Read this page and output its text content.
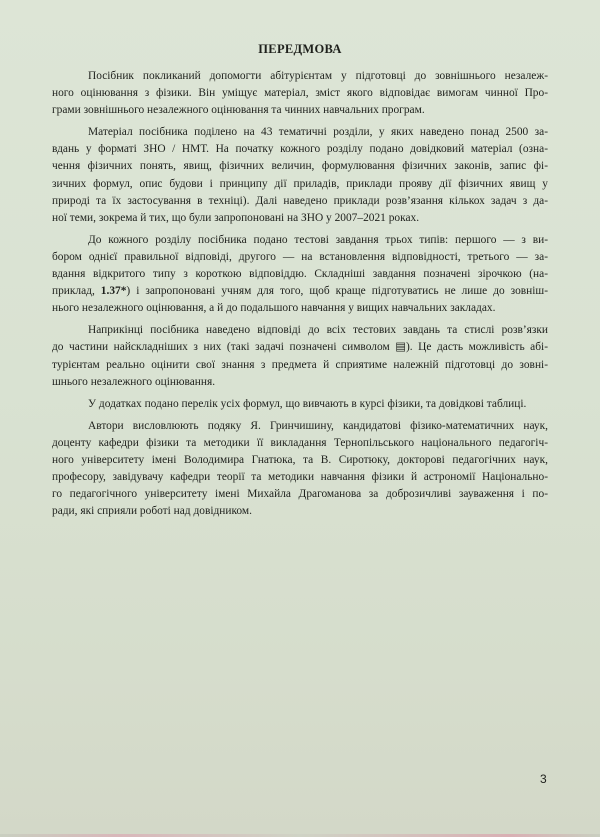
ПЕРЕДМОВА
Посібник покликаний допомогти абітурієнтам у підготовці до зовнішнього незалеж-
ного оцінювання з фізики. Він уміщує матеріал, зміст якого відповідає вимогам чинної Про-
грами зовнішнього незалежного оцінювання та чинних навчальних програм.
Матеріал посібника поділено на 43 тематичні розділи, у яких наведено понад 2500 за-
вдань у форматі ЗНО / НМТ. На початку кожного розділу подано довідковий матеріал (озна-
чення фізичних понять, явищ, фізичних величин, формулювання фізичних законів, запис фі-
зичних формул, опис будови і принципу дії приладів, приклади прояву дії фізичних явищ у
природі та їх застосування в техніці). Далі наведено приклади розв’язання кількох задач з да-
ної теми, зокрема й тих, що були запропоновані на ЗНО у 2007–2021 роках.
До кожного розділу посібника подано тестові завдання трьох типів: першого — з ви-
бором однієї правильної відповіді, другого — на встановлення відповідності, третього — за-
вдання відкритого типу з короткою відповіддю. Складніші завдання позначені зірочкою (на-
приклад, 1.37*) і запропоновані учням для того, щоб краще підготуватись не лише до зовніш-
нього незалежного оцінювання, а й до подальшого навчання у вищих навчальних закладах.
Наприкінці посібника наведено відповіді до всіх тестових завдань та стислі розв’язки
до частини найскладніших з них (такі задачі позначені символом ▤). Це дасть можливість абі-
турієнтам реально оцінити свої знання з предмета й сприятиме належній підготовці до зовні-
шнього незалежного оцінювання.
У додатках подано перелік усіх формул, що вивчають в курсі фізики, та довідкові таблиці.
Автори висловлюють подяку Я. Гринчишину, кандидатові фізико-математичних наук,
доценту кафедри фізики та методики її викладання Тернопільського національного педагогіч-
ного університету імені Володимира Гнатюка, та В. Сиротюку, докторові педагогічних наук,
професору, завідувачу кафедри теорії та методики навчання фізики й астрономії Національно-
го педагогічного університету імені Михайла Драгоманова за доброзичливі зауваження і по-
ради, які сприяли роботі над довідником.
3
